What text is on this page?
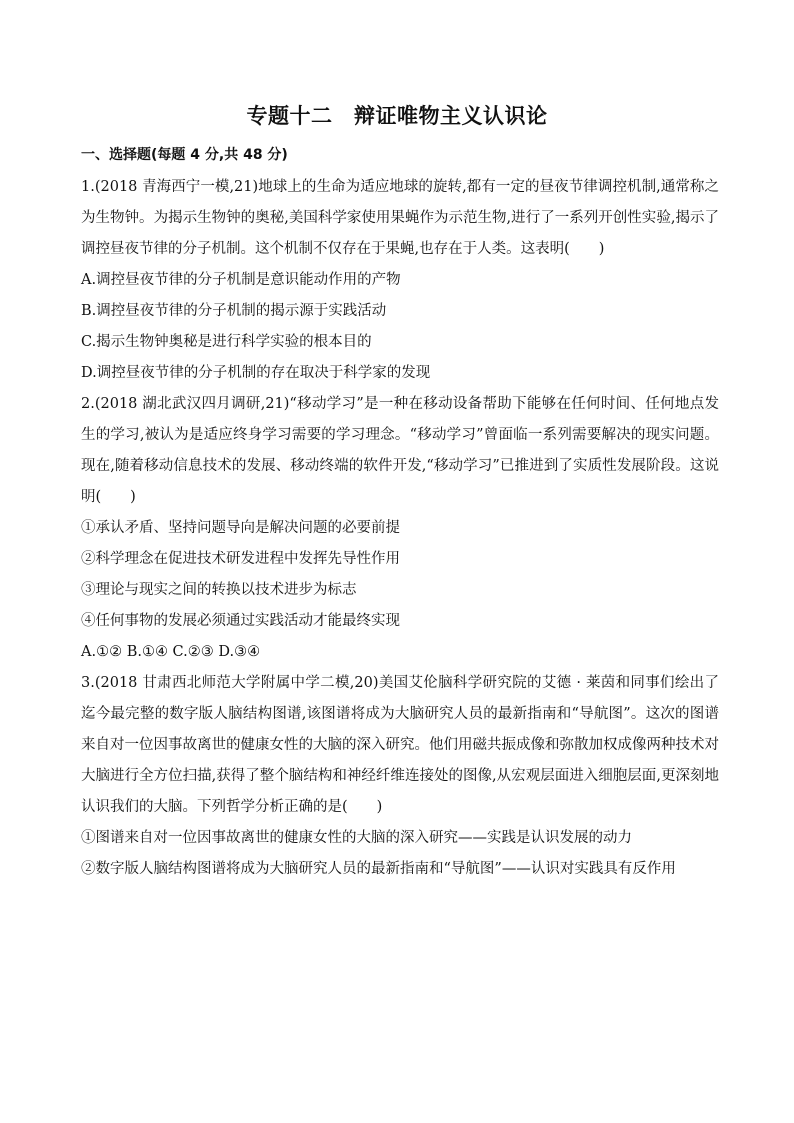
专题十二　辩证唯物主义认识论
一、选择题(每题 4 分,共 48 分)

1.(2018 青海西宁一模,21)地球上的生命为适应地球的旋转,都有一定的昼夜节律调控机制,通常称之为生物钟。为揭示生物钟的奥秘,美国科学家使用果蝇作为示范生物,进行了一系列开创性实验,揭示了调控昼夜节律的分子机制。这个机制不仅存在于果蝇,也存在于人类。这表明(　　)

A.调控昼夜节律的分子机制是意识能动作用的产物

B.调控昼夜节律的分子机制的揭示源于实践活动

C.揭示生物钟奥秘是进行科学实验的根本目的

D.调控昼夜节律的分子机制的存在取决于科学家的发现

2.(2018 湖北武汉四月调研,21)“移动学习”是一种在移动设备帮助下能够在任何时间、任何地点发生的学习,被认为是适应终身学习需要的学习理念。“移动学习”曾面临一系列需要解决的现实问题。现在,随着移动信息技术的发展、移动终端的软件开发,“移动学习”已推进到了实质性发展阶段。这说明(　　)

①承认矛盾、坚持问题导向是解决问题的必要前提

②科学理念在促进技术研发进程中发挥先导性作用

③理论与现实之间的转换以技术进步为标志

④任何事物的发展必须通过实践活动才能最终实现

A.①② B.①④ C.②③ D.③④

3.(2018 甘肃西北师范大学附属中学二模,20)美国艾伦脑科学研究院的艾德 · 莱茵和同事们绘出了迄今最完整的数字版人脑结构图谱,该图谱将成为大脑研究人员的最新指南和“导航图”。这次的图谱来自对一位因事故离世的健康女性的大脑的深入研究。他们用磁共振成像和弥散加权成像两种技术对大脑进行全方位扫描,获得了整个脑结构和神经纤维连接处的图像,从宏观层面进入细胞层面,更深刻地认识我们的大脑。下列哲学分析正确的是(　　)

①图谱来自对一位因事故离世的健康女性的大脑的深入研究——实践是认识发展的动力

②数字版人脑结构图谱将成为大脑研究人员的最新指南和“导航图”——认识对实践具有反作用
